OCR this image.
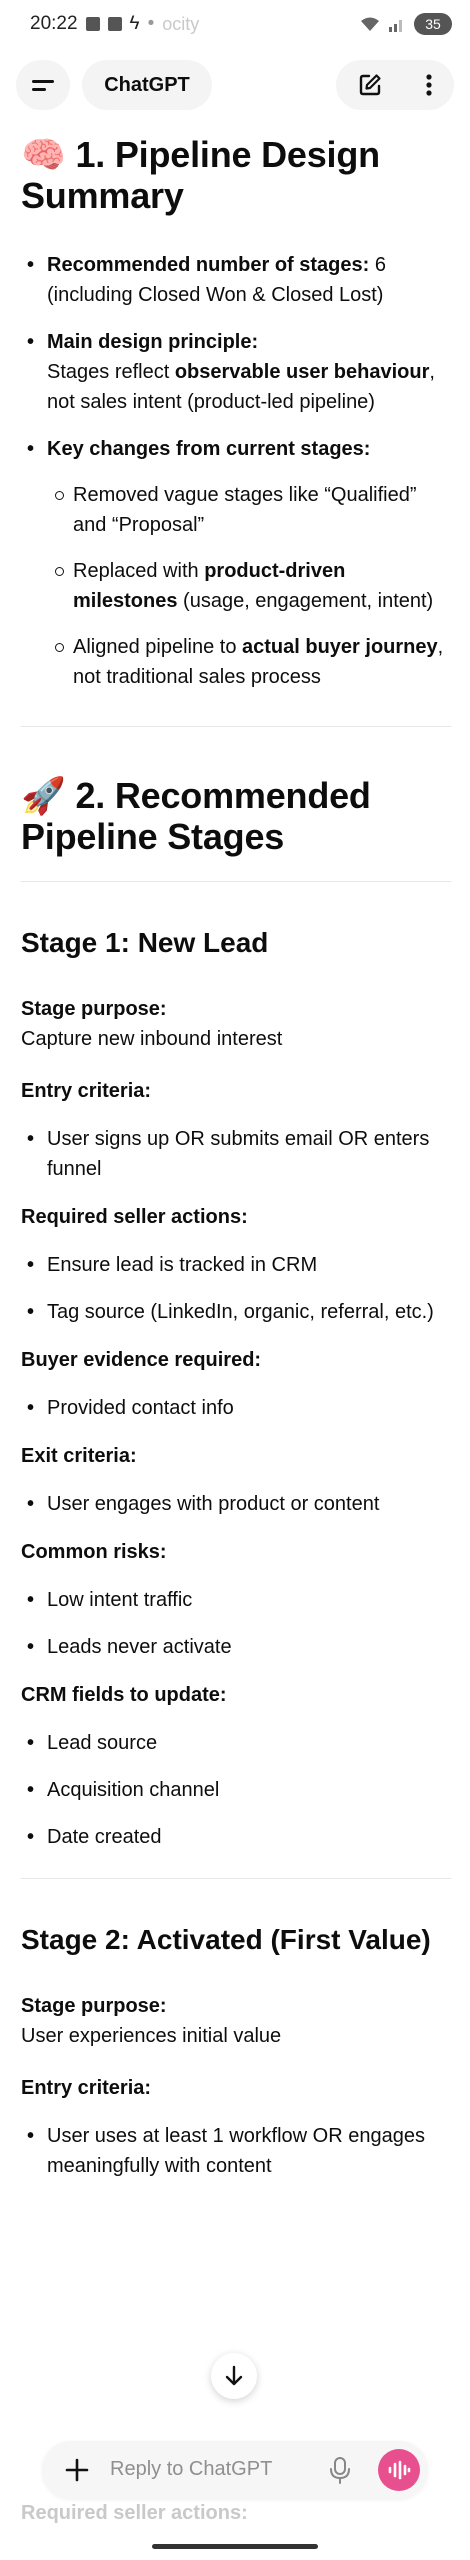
20:22	ϟ • ocity	35
ChatGPT
🧠 1. Pipeline Design Summary
• Recommended number of stages: 6 (including Closed Won & Closed Lost)
• Main design principle:
Stages reflect observable user behaviour, not sales intent (product-led pipeline)
• Key changes from current stages:
Removed vague stages like “Qualified” and “Proposal”
Replaced with product-driven milestones (usage, engagement, intent)
Aligned pipeline to actual buyer journey, not traditional sales process
🚀 2. Recommended Pipeline Stages
Stage 1: New Lead

Stage purpose:

Capture new inbound interest

Entry criteria:

• User signs up OR submits email OR enters funnel

Required seller actions:

• Ensure lead is tracked in CRM
• Tag source (LinkedIn, organic, referral, etc.)

Buyer evidence required:

• Provided contact info

Exit criteria:

• User engages with product or content

Common risks:

• Low intent traffic
• Leads never activate

CRM fields to update:

• Lead source
• Acquisition channel
• Date created
Stage 2: Activated (First Value)

Stage purpose:

User experiences initial value

Entry criteria:

• User uses at least 1 workflow OR engages meaningfully with content
Reply to ChatGPT
Required seller actions:
